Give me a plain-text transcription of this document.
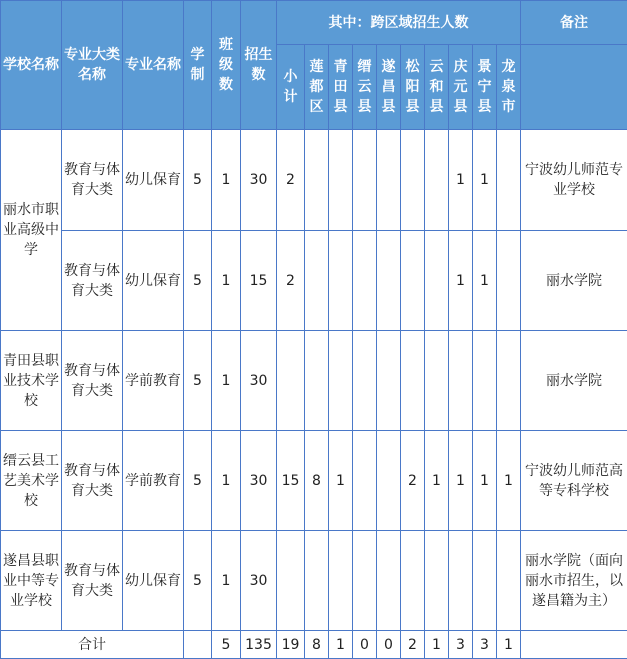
学校名称	专业大类名称	专业名称	学制	班级数	招生数	其中：跨区域招生人数										备注
						小计	莲都区	青田县	缙云县	遂昌县	松阳县	云和县	庆元县	景宁县	龙泉市	
丽水市职业高级中学	教育与体育大类	幼儿保育	5	1	30	2							1	1		宁波幼儿师范专业学校
	教育与体育大类	幼儿保育	5	1	15	2							1	1		丽水学院
青田县职业技术学校	教育与体育大类	学前教育	5	1	30											丽水学院
缙云县工艺美术学校	教育与体育大类	学前教育	5	1	30	15	8	1			2	1	1	1	1	宁波幼儿师范高等专科学校
遂昌县职业中等专业学校	教育与体育大类	幼儿保育	5	1	30											丽水学院（面向丽水市招生，以遂昌籍为主）
合计				5	135	19	8	1	0	0	2	1	3	3	1	
